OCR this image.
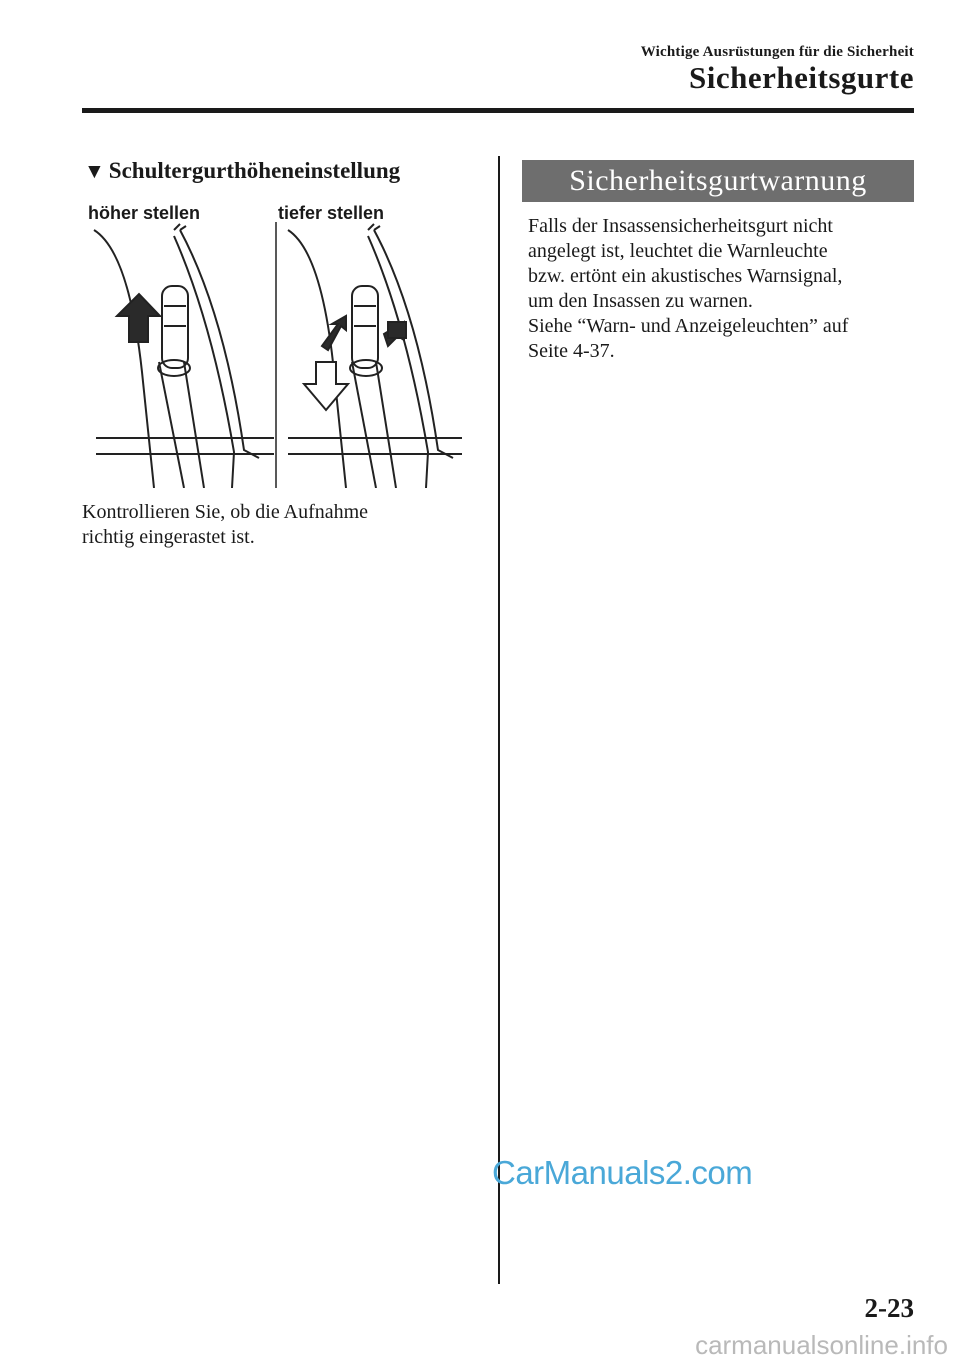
Wichtige Ausrüstungen für die Sicherheit
Sicherheitsgurte
▼ Schultergurthöheneinstellung
höher stellen	tiefer stellen

Kontrollieren Sie, ob die Aufnahme

richtig eingerastet ist.

Sicherheitsgurtwarnung

Falls der Insassensicherheitsgurt nicht

angelegt ist, leuchtet die Warnleuchte

bzw. ertönt ein akustisches Warnsignal,

um den Insassen zu warnen.

Siehe “Warn- und Anzeigeleuchten” auf

Seite 4-37.

CarManuals2.com
2-23
carmanualsonline.info
